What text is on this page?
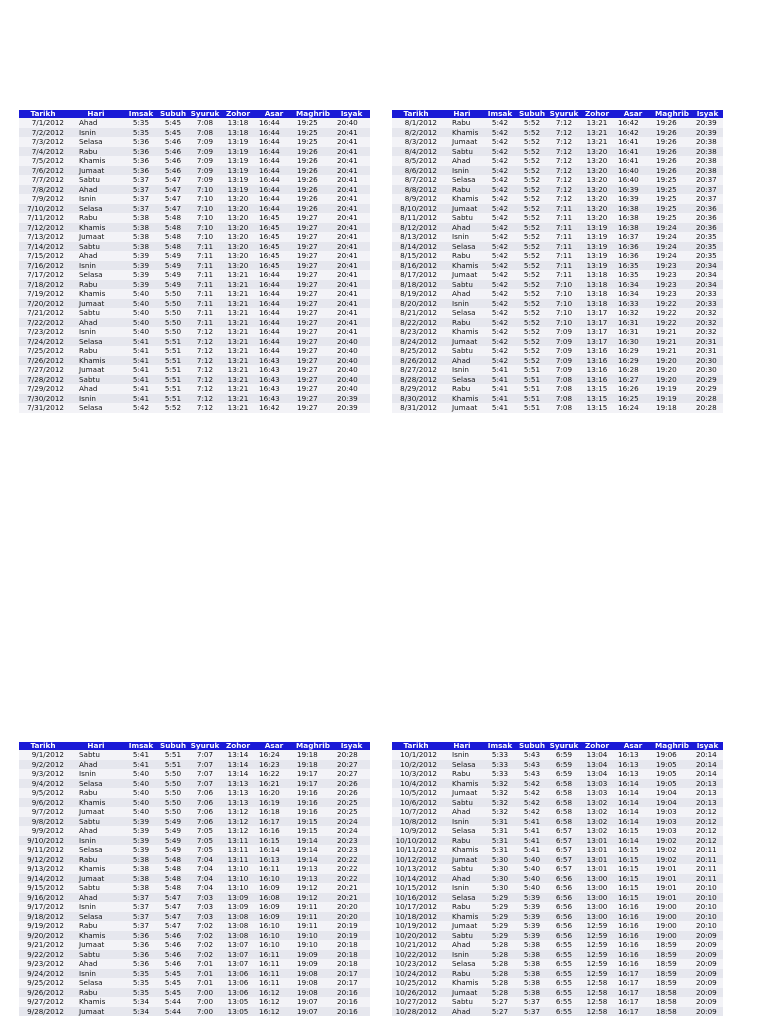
Tarikh	Hari	Imsak	Subuh	Syuruk	Zohor	Asar	Maghrib	Isyak
7/1/2012	Ahad	5:35	5:45	7:08	13:18	16:44	19:25	20:40
7/2/2012	Isnin	5:35	5:45	7:08	13:18	16:44	19:25	20:41
7/3/2012	Selasa	5:36	5:46	7:09	13:19	16:44	19:25	20:41
7/4/2012	Rabu	5:36	5:46	7:09	13:19	16:44	19:26	20:41
7/5/2012	Khamis	5:36	5:46	7:09	13:19	16:44	19:26	20:41
7/6/2012	Jumaat	5:36	5:46	7:09	13:19	16:44	19:26	20:41
7/7/2012	Sabtu	5:37	5:47	7:09	13:19	16:44	19:26	20:41
7/8/2012	Ahad	5:37	5:47	7:10	13:19	16:44	19:26	20:41
7/9/2012	Isnin	5:37	5:47	7:10	13:20	16:44	19:26	20:41
7/10/2012	Selasa	5:37	5:47	7:10	13:20	16:44	19:26	20:41
7/11/2012	Rabu	5:38	5:48	7:10	13:20	16:45	19:27	20:41
7/12/2012	Khamis	5:38	5:48	7:10	13:20	16:45	19:27	20:41
7/13/2012	Jumaat	5:38	5:48	7:10	13:20	16:45	19:27	20:41
7/14/2012	Sabtu	5:38	5:48	7:11	13:20	16:45	19:27	20:41
7/15/2012	Ahad	5:39	5:49	7:11	13:20	16:45	19:27	20:41
7/16/2012	Isnin	5:39	5:49	7:11	13:20	16:45	19:27	20:41
7/17/2012	Selasa	5:39	5:49	7:11	13:21	16:44	19:27	20:41
7/18/2012	Rabu	5:39	5:49	7:11	13:21	16:44	19:27	20:41
7/19/2012	Khamis	5:40	5:50	7:11	13:21	16:44	19:27	20:41
7/20/2012	Jumaat	5:40	5:50	7:11	13:21	16:44	19:27	20:41
7/21/2012	Sabtu	5:40	5:50	7:11	13:21	16:44	19:27	20:41
7/22/2012	Ahad	5:40	5:50	7:11	13:21	16:44	19:27	20:41
7/23/2012	Isnin	5:40	5:50	7:12	13:21	16:44	19:27	20:41
7/24/2012	Selasa	5:41	5:51	7:12	13:21	16:44	19:27	20:40
7/25/2012	Rabu	5:41	5:51	7:12	13:21	16:44	19:27	20:40
7/26/2012	Khamis	5:41	5:51	7:12	13:21	16:43	19:27	20:40
7/27/2012	Jumaat	5:41	5:51	7:12	13:21	16:43	19:27	20:40
7/28/2012	Sabtu	5:41	5:51	7:12	13:21	16:43	19:27	20:40
7/29/2012	Ahad	5:41	5:51	7:12	13:21	16:43	19:27	20:40
7/30/2012	Isnin	5:41	5:51	7:12	13:21	16:43	19:27	20:39
7/31/2012	Selasa	5:42	5:52	7:12	13:21	16:42	19:27	20:39
Tarikh	Hari	Imsak	Subuh	Syuruk	Zohor	Asar	Maghrib	Isyak
8/1/2012	Rabu	5:42	5:52	7:12	13:21	16:42	19:26	20:39
8/2/2012	Khamis	5:42	5:52	7:12	13:21	16:42	19:26	20:39
8/3/2012	Jumaat	5:42	5:52	7:12	13:21	16:41	19:26	20:38
8/4/2012	Sabtu	5:42	5:52	7:12	13:20	16:41	19:26	20:38
8/5/2012	Ahad	5:42	5:52	7:12	13:20	16:41	19:26	20:38
8/6/2012	Isnin	5:42	5:52	7:12	13:20	16:40	19:26	20:38
8/7/2012	Selasa	5:42	5:52	7:12	13:20	16:40	19:25	20:37
8/8/2012	Rabu	5:42	5:52	7:12	13:20	16:39	19:25	20:37
8/9/2012	Khamis	5:42	5:52	7:12	13:20	16:39	19:25	20:37
8/10/2012	Jumaat	5:42	5:52	7:11	13:20	16:38	19:25	20:36
8/11/2012	Sabtu	5:42	5:52	7:11	13:20	16:38	19:25	20:36
8/12/2012	Ahad	5:42	5:52	7:11	13:19	16:38	19:24	20:36
8/13/2012	Isnin	5:42	5:52	7:11	13:19	16:37	19:24	20:35
8/14/2012	Selasa	5:42	5:52	7:11	13:19	16:36	19:24	20:35
8/15/2012	Rabu	5:42	5:52	7:11	13:19	16:36	19:24	20:35
8/16/2012	Khamis	5:42	5:52	7:11	13:19	16:35	19:23	20:34
8/17/2012	Jumaat	5:42	5:52	7:11	13:18	16:35	19:23	20:34
8/18/2012	Sabtu	5:42	5:52	7:10	13:18	16:34	19:23	20:34
8/19/2012	Ahad	5:42	5:52	7:10	13:18	16:34	19:23	20:33
8/20/2012	Isnin	5:42	5:52	7:10	13:18	16:33	19:22	20:33
8/21/2012	Selasa	5:42	5:52	7:10	13:17	16:32	19:22	20:32
8/22/2012	Rabu	5:42	5:52	7:10	13:17	16:31	19:22	20:32
8/23/2012	Khamis	5:42	5:52	7:09	13:17	16:31	19:21	20:32
8/24/2012	Jumaat	5:42	5:52	7:09	13:17	16:30	19:21	20:31
8/25/2012	Sabtu	5:42	5:52	7:09	13:16	16:29	19:21	20:31
8/26/2012	Ahad	5:42	5:52	7:09	13:16	16:29	19:20	20:30
8/27/2012	Isnin	5:41	5:51	7:09	13:16	16:28	19:20	20:30
8/28/2012	Selasa	5:41	5:51	7:08	13:16	16:27	19:20	20:29
8/29/2012	Rabu	5:41	5:51	7:08	13:15	16:26	19:19	20:29
8/30/2012	Khamis	5:41	5:51	7:08	13:15	16:25	19:19	20:28
8/31/2012	Jumaat	5:41	5:51	7:08	13:15	16:24	19:18	20:28
Tarikh	Hari	Imsak	Subuh	Syuruk	Zohor	Asar	Maghrib	Isyak
9/1/2012	Sabtu	5:41	5:51	7:07	13:14	16:24	19:18	20:28
9/2/2012	Ahad	5:41	5:51	7:07	13:14	16:23	19:18	20:27
9/3/2012	Isnin	5:40	5:50	7:07	13:14	16:22	19:17	20:27
9/4/2012	Selasa	5:40	5:50	7:07	13:13	16:21	19:17	20:26
9/5/2012	Rabu	5:40	5:50	7:06	13:13	16:20	19:16	20:26
9/6/2012	Khamis	5:40	5:50	7:06	13:13	16:19	19:16	20:25
9/7/2012	Jumaat	5:40	5:50	7:06	13:12	16:18	19:16	20:25
9/8/2012	Sabtu	5:39	5:49	7:06	13:12	16:17	19:15	20:24
9/9/2012	Ahad	5:39	5:49	7:05	13:12	16:16	19:15	20:24
9/10/2012	Isnin	5:39	5:49	7:05	13:11	16:15	19:14	20:23
9/11/2012	Selasa	5:39	5:49	7:05	13:11	16:14	19:14	20:23
9/12/2012	Rabu	5:38	5:48	7:04	13:11	16:13	19:14	20:22
9/13/2012	Khamis	5:38	5:48	7:04	13:10	16:11	19:13	20:22
9/14/2012	Jumaat	5:38	5:48	7:04	13:10	16:10	19:13	20:22
9/15/2012	Sabtu	5:38	5:48	7:04	13:10	16:09	19:12	20:21
9/16/2012	Ahad	5:37	5:47	7:03	13:09	16:08	19:12	20:21
9/17/2012	Isnin	5:37	5:47	7:03	13:09	16:09	19:11	20:20
9/18/2012	Selasa	5:37	5:47	7:03	13:08	16:09	19:11	20:20
9/19/2012	Rabu	5:37	5:47	7:02	13:08	16:10	19:11	20:19
9/20/2012	Khamis	5:36	5:46	7:02	13:08	16:10	19:10	20:19
9/21/2012	Jumaat	5:36	5:46	7:02	13:07	16:10	19:10	20:18
9/22/2012	Sabtu	5:36	5:46	7:02	13:07	16:11	19:09	20:18
9/23/2012	Ahad	5:36	5:46	7:01	13:07	16:11	19:09	20:18
9/24/2012	Isnin	5:35	5:45	7:01	13:06	16:11	19:08	20:17
9/25/2012	Selasa	5:35	5:45	7:01	13:06	16:11	19:08	20:17
9/26/2012	Rabu	5:35	5:45	7:00	13:06	16:12	19:08	20:16
9/27/2012	Khamis	5:34	5:44	7:00	13:05	16:12	19:07	20:16
9/28/2012	Jumaat	5:34	5:44	7:00	13:05	16:12	19:07	20:16
Tarikh	Hari	Imsak	Subuh	Syuruk	Zohor	Asar	Maghrib	Isyak
10/1/2012	Isnin	5:33	5:43	6:59	13:04	16:13	19:06	20:14
10/2/2012	Selasa	5:33	5:43	6:59	13:04	16:13	19:05	20:14
10/3/2012	Rabu	5:33	5:43	6:59	13:04	16:13	19:05	20:14
10/4/2012	Khamis	5:32	5:42	6:58	13:03	16:14	19:05	20:13
10/5/2012	Jumaat	5:32	5:42	6:58	13:03	16:14	19:04	20:13
10/6/2012	Sabtu	5:32	5:42	6:58	13:02	16:14	19:04	20:13
10/7/2012	Ahad	5:32	5:42	6:58	13:02	16:14	19:03	20:12
10/8/2012	Isnin	5:31	5:41	6:58	13:02	16:14	19:03	20:12
10/9/2012	Selasa	5:31	5:41	6:57	13:02	16:15	19:03	20:12
10/10/2012	Rabu	5:31	5:41	6:57	13:01	16:14	19:02	20:12
10/11/2012	Khamis	5:31	5:41	6:57	13:01	16:15	19:02	20:11
10/12/2012	Jumaat	5:30	5:40	6:57	13:01	16:15	19:02	20:11
10/13/2012	Sabtu	5:30	5:40	6:57	13:01	16:15	19:01	20:11
10/14/2012	Ahad	5:30	5:40	6:56	13:00	16:15	19:01	20:11
10/15/2012	Isnin	5:30	5:40	6:56	13:00	16:15	19:01	20:10
10/16/2012	Selasa	5:29	5:39	6:56	13:00	16:15	19:01	20:10
10/17/2012	Rabu	5:29	5:39	6:56	13:00	16:16	19:00	20:10
10/18/2012	Khamis	5:29	5:39	6:56	13:00	16:16	19:00	20:10
10/19/2012	Jumaat	5:29	5:39	6:56	12:59	16:16	19:00	20:10
10/20/2012	Sabtu	5:29	5:39	6:56	12:59	16:16	19:00	20:09
10/21/2012	Ahad	5:28	5:38	6:55	12:59	16:16	18:59	20:09
10/22/2012	Isnin	5:28	5:38	6:55	12:59	16:16	18:59	20:09
10/23/2012	Selasa	5:28	5:38	6:55	12:59	16:16	18:59	20:09
10/24/2012	Rabu	5:28	5:38	6:55	12:59	16:17	18:59	20:09
10/25/2012	Khamis	5:28	5:38	6:55	12:58	16:17	18:59	20:09
10/26/2012	Jumaat	5:28	5:38	6:55	12:58	16:17	18:58	20:09
10/27/2012	Sabtu	5:27	5:37	6:55	12:58	16:17	18:58	20:09
10/28/2012	Ahad	5:27	5:37	6:55	12:58	16:17	18:58	20:09
